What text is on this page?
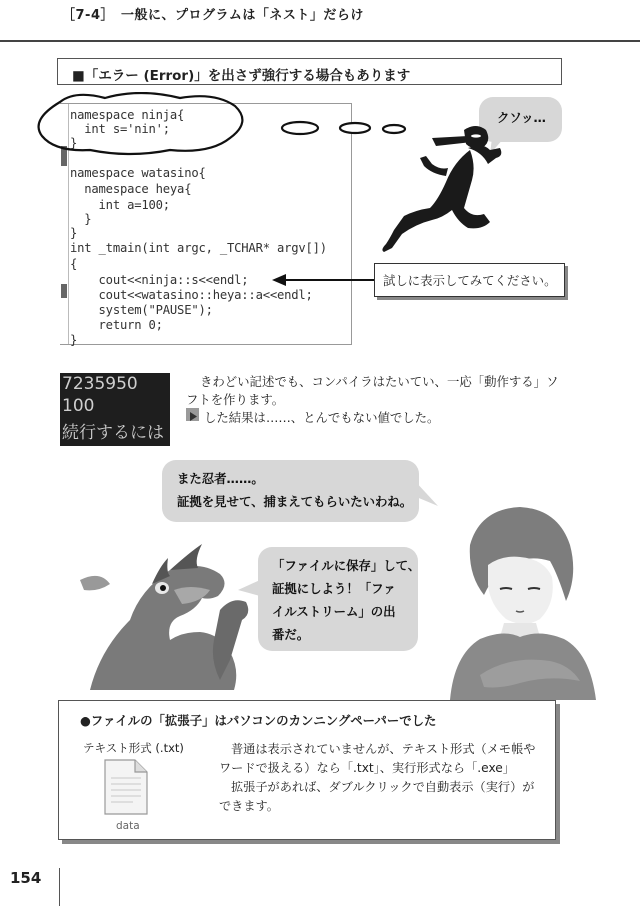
［7-4］　一般に、プログラムは「ネスト」だらけ
■「エラー (Error)」を出さず強行する場合もあります
namespace ninja{
int s='nin';
}
namespace watasino{
namespace heya{
int a=100;
}
}
int _tmain(int argc, _TCHAR* argv[])
{
cout<<ninja::s<<endl;
cout<<watasino::heya::a<<endl;
system("PAUSE");
return 0;
}
クソッ…
試しに表示してみてください。
7235950
100
続行するには
きわどい記述でも、コンパイラはたいてい、一応「動作する」ソ
フトを作ります。
した結果は……、とんでもない値でした。
また忍者……。
証拠を見せて、捕まえてもらいたいわね。
「ファイルに保存」して、
証拠にしよう！「ファ
イルストリーム」の出
番だ。
●ファイルの「拡張子」はパソコンのカンニングペーパーでした
テキスト形式 (.txt)
data
普通は表示されていませんが、テキスト形式（メモ帳や
ワードで扱える）なら「.txt」、実行形式なら「.exe」
拡張子があれば、ダブルクリックで自動表示（実行）が
できます。
154
